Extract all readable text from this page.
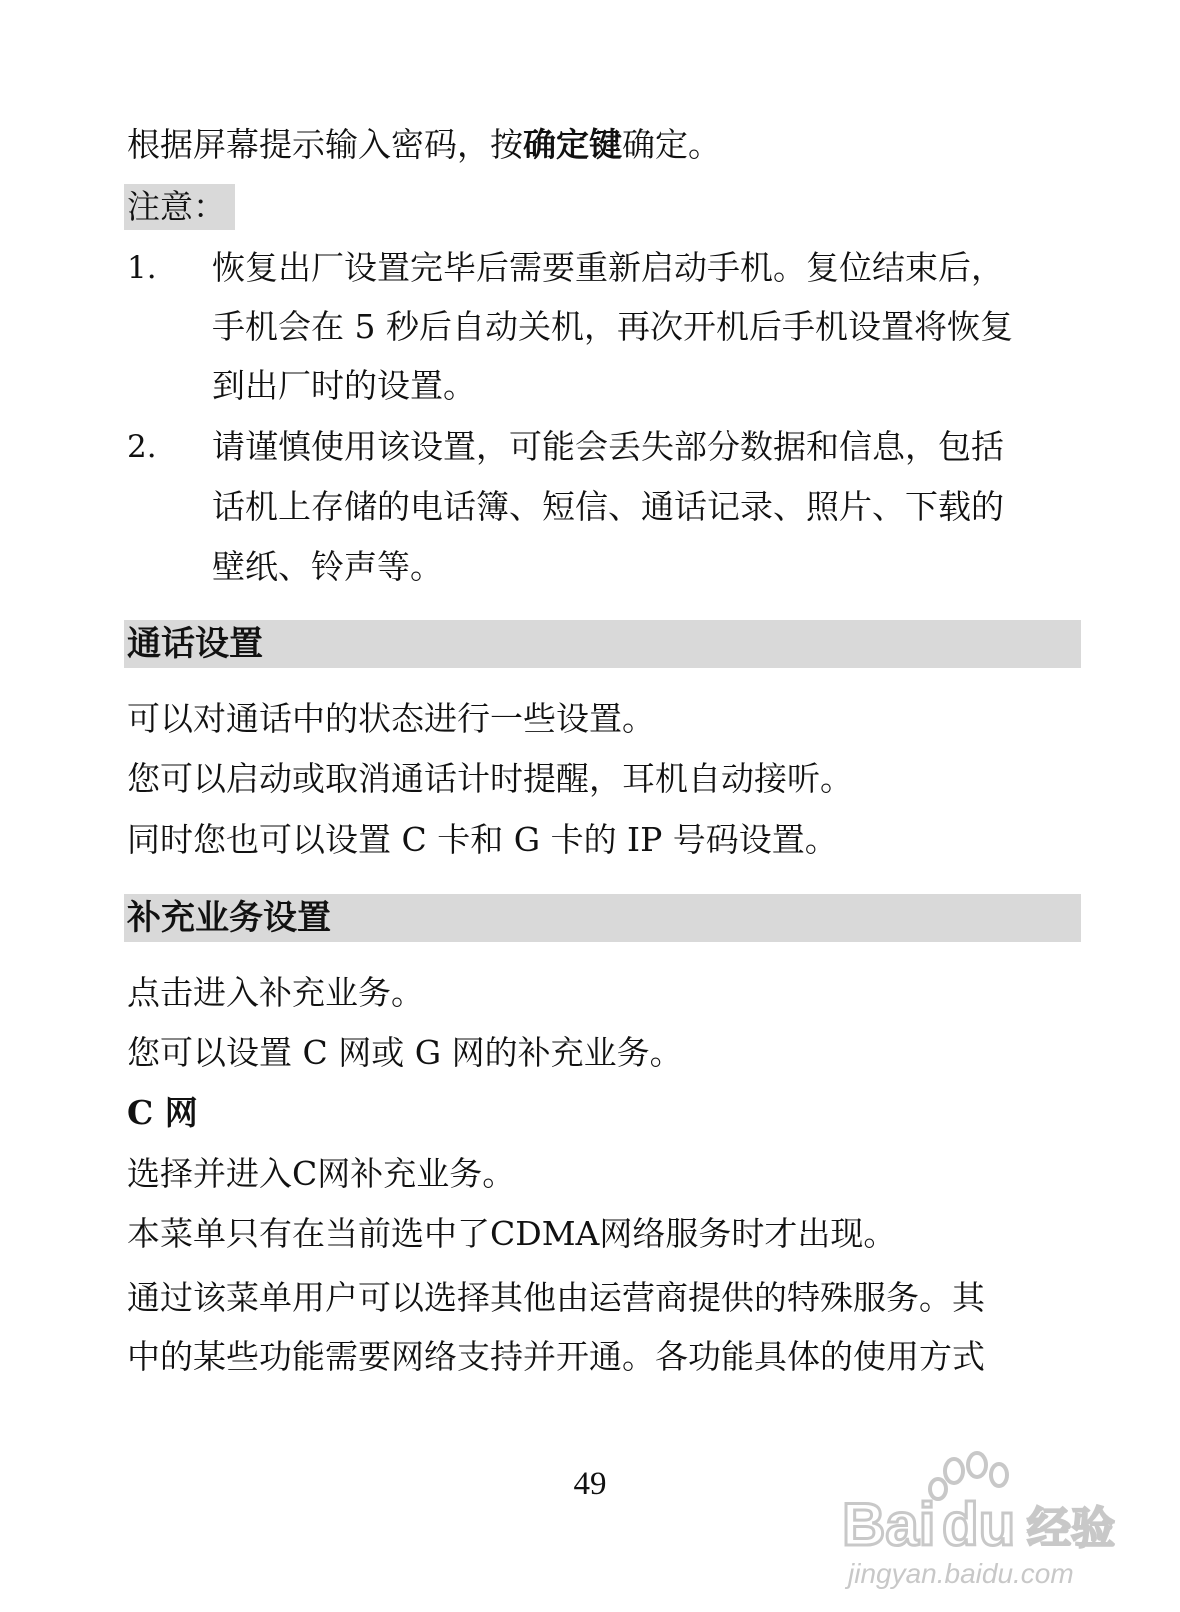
根据屏幕提示输入密码，按确定键确定。
注意：
1. 恢复出厂设置完毕后需要重新启动手机。复位结束后，
手机会在 5 秒后自动关机，再次开机后手机设置将恢复
到出厂时的设置。
2. 请谨慎使用该设置，可能会丢失部分数据和信息，包括
话机上存储的电话簿、短信、通话记录、照片、下载的
壁纸、铃声等。
通话设置
可以对通话中的状态进行一些设置。
您可以启动或取消通话计时提醒，耳机自动接听。
同时您也可以设置 C 卡和 G 卡的 IP 号码设置。
补充业务设置
点击进入补充业务。
您可以设置 C 网或 G 网的补充业务。
C 网
选择并进入C网补充业务。
本菜单只有在当前选中了CDMA网络服务时才出现。
通过该菜单用户可以选择其他由运营商提供的特殊服务。其
中的某些功能需要网络支持并开通。各功能具体的使用方式
49
Bai du 经验
jingyan.baidu.com
